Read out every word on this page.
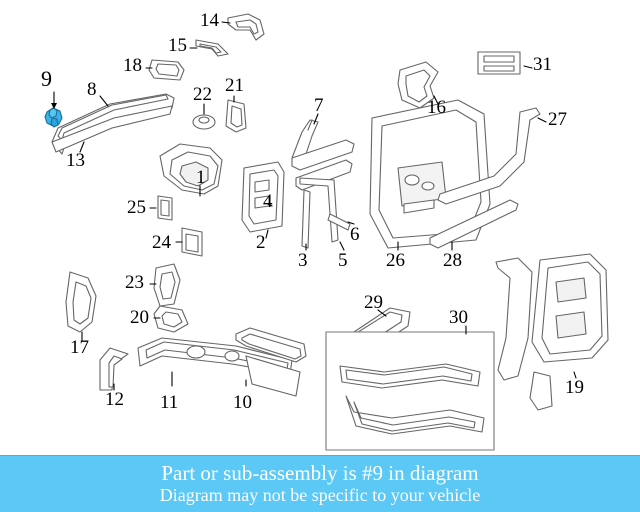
9
14
15
18	31
8	21
22
16
7
27
13
1
25	4
24	2	6
3 5 26 28
23
29
20	30
17
19
12 11	10
Part or sub-assembly is #9 in diagram
Diagram may not be specific to your vehicle
